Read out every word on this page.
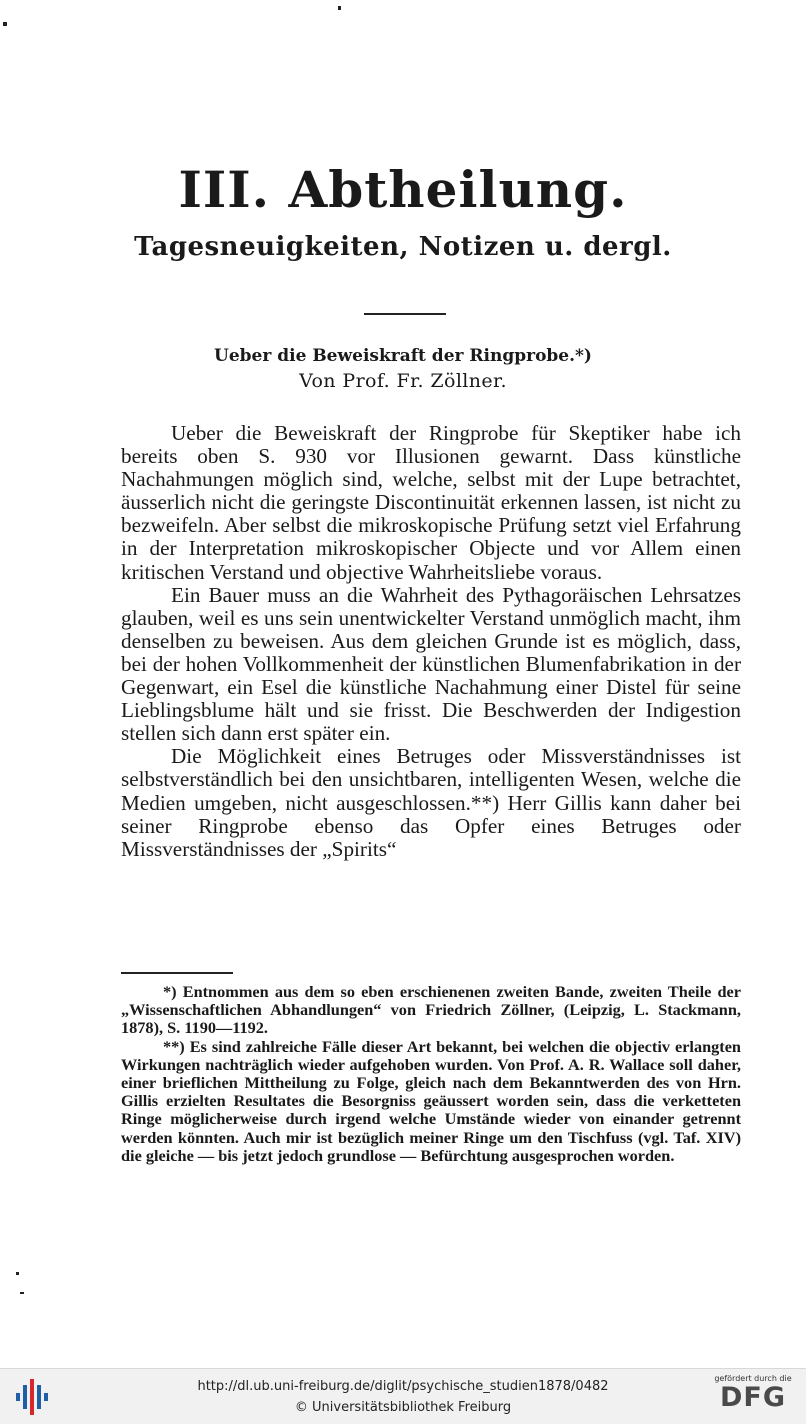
III. Abtheilung.
Tagesneuigkeiten, Notizen u. dergl.
Ueber die Beweiskraft der Ringprobe.*)
Von Prof. Fr. Zöllner.

Ueber die Beweiskraft der Ringprobe für Skeptiker habe ich bereits oben S. 930 vor Illusionen gewarnt. Dass künstliche Nachahmungen möglich sind, welche, selbst mit der Lupe betrachtet, äusserlich nicht die geringste Discontinuität erkennen lassen, ist nicht zu bezweifeln. Aber selbst die mikroskopische Prüfung setzt viel Erfahrung in der Interpretation mikroskopischer Objecte und vor Allem einen kritischen Verstand und objective Wahrheitsliebe voraus.

Ein Bauer muss an die Wahrheit des Pythagoräischen Lehrsatzes glauben, weil es uns sein unentwickelter Verstand unmöglich macht, ihm denselben zu beweisen. Aus dem gleichen Grunde ist es möglich, dass, bei der hohen Vollkommenheit der künstlichen Blumenfabrikation in der Gegenwart, ein Esel die künstliche Nachahmung einer Distel für seine Lieblingsblume hält und sie frisst. Die Beschwerden der Indigestion stellen sich dann erst später ein.

Die Möglichkeit eines Betruges oder Missverständnisses ist selbstverständlich bei den unsichtbaren, intelligenten Wesen, welche die Medien umgeben, nicht ausgeschlossen.**) Herr Gillis kann daher bei seiner Ringprobe ebenso das Opfer eines Betruges oder Missverständnisses der „Spirits“

*) Entnommen aus dem so eben erschienenen zweiten Bande, zweiten Theile der „Wissenschaftlichen Abhandlungen“ von Friedrich Zöllner, (Leipzig, L. Stackmann, 1878), S. 1190—1192.

**) Es sind zahlreiche Fälle dieser Art bekannt, bei welchen die objectiv erlangten Wirkungen nachträglich wieder aufgehoben wurden. Von Prof. A. R. Wallace soll daher, einer brieflichen Mittheilung zu Folge, gleich nach dem Bekanntwerden des von Hrn. Gillis erzielten Resultates die Besorgniss geäussert worden sein, dass die verketteten Ringe möglicherweise durch irgend welche Umstände wieder von einander getrennt werden könnten. Auch mir ist bezüglich meiner Ringe um den Tischfuss (vgl. Taf. XIV) die gleiche — bis jetzt jedoch grundlose — Befürchtung ausgesprochen worden.

http://dl.ub.uni-freiburg.de/diglit/psychische_studien1878/0482
© Universitätsbibliothek Freiburg
gefördert durch die
DFG
